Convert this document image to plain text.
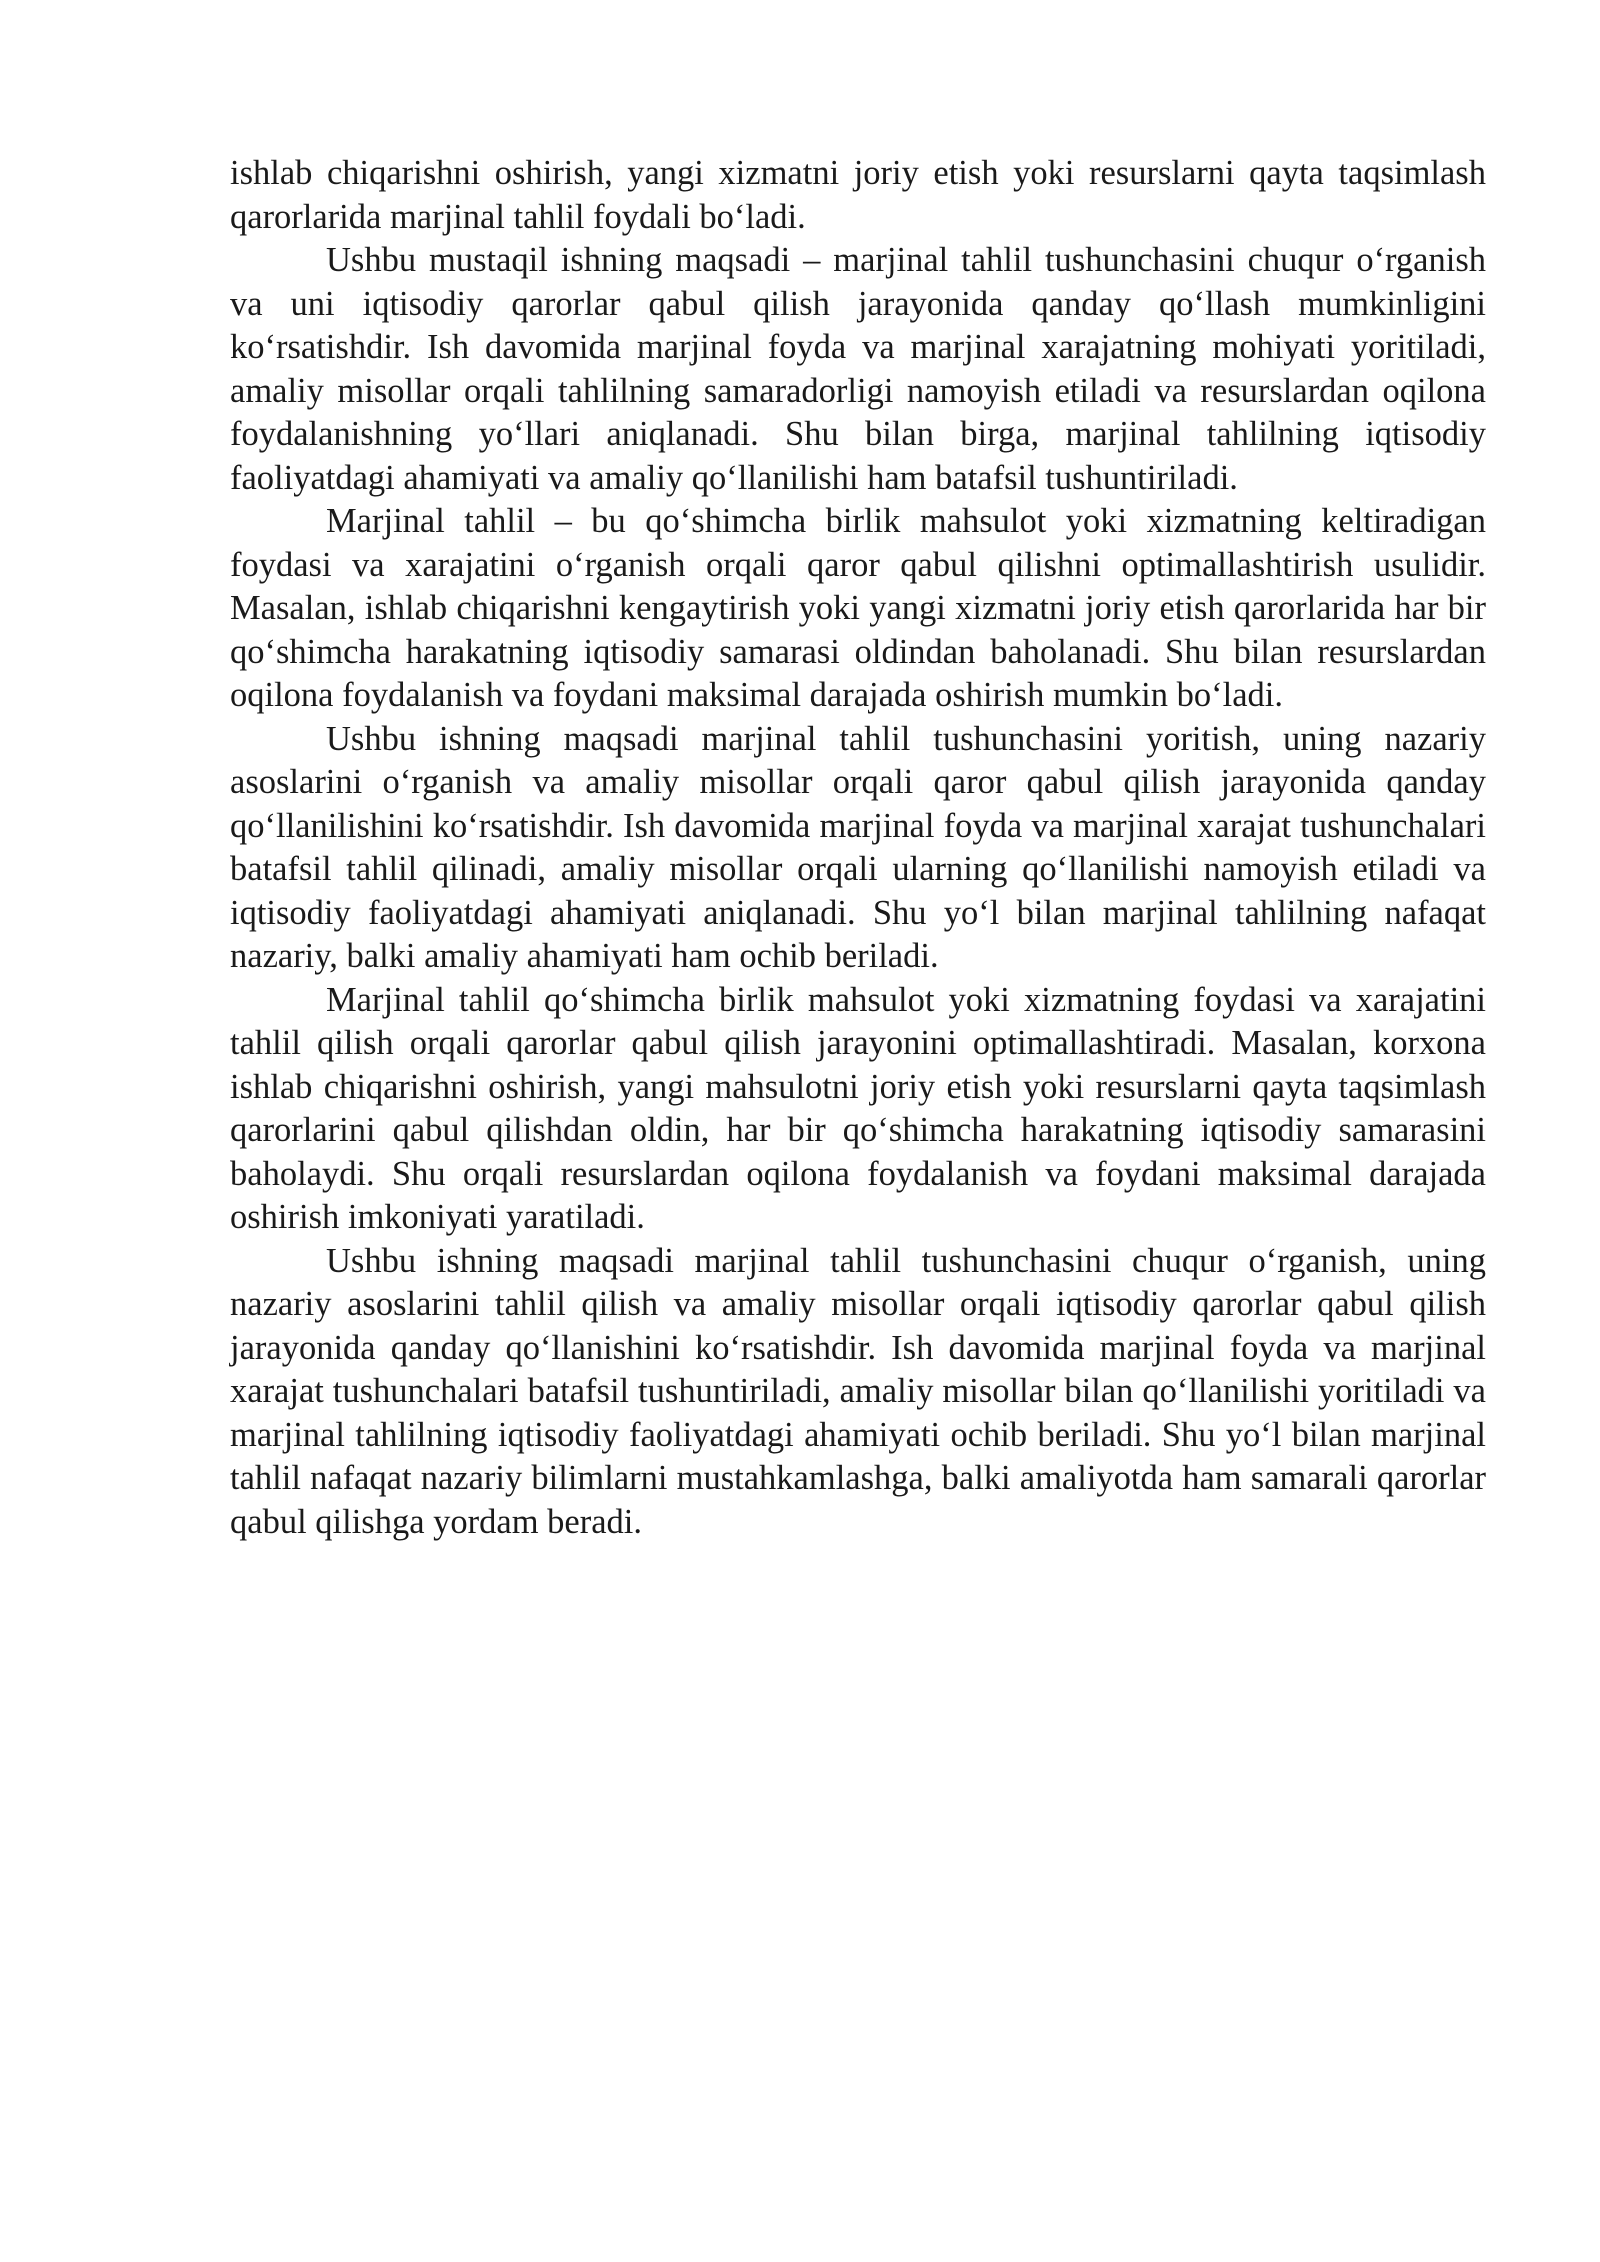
ishlab chiqarishni oshirish, yangi xizmatni joriy etish yoki resurslarni qayta taqsimlash qarorlarida marjinal tahlil foydali bo‘ladi.

Ushbu mustaqil ishning maqsadi – marjinal tahlil tushunchasini chuqur o‘rganish va uni iqtisodiy qarorlar qabul qilish jarayonida qanday qo‘llash mumkinligini ko‘rsatishdir. Ish davomida marjinal foyda va marjinal xarajatning mohiyati yoritiladi, amaliy misollar orqali tahlilning samaradorligi namoyish etiladi va resurslardan oqilona foydalanishning yo‘llari aniqlanadi. Shu bilan birga, marjinal tahlilning iqtisodiy faoliyatdagi ahamiyati va amaliy qo‘llanilishi ham batafsil tushuntiriladi.

Marjinal tahlil – bu qo‘shimcha birlik mahsulot yoki xizmatning keltiradigan foydasi va xarajatini o‘rganish orqali qaror qabul qilishni optimallashtirish usulidir. Masalan, ishlab chiqarishni kengaytirish yoki yangi xizmatni joriy etish qarorlarida har bir qo‘shimcha harakatning iqtisodiy samarasi oldindan baholanadi. Shu bilan resurslardan oqilona foydalanish va foydani maksimal darajada oshirish mumkin bo‘ladi.

Ushbu ishning maqsadi marjinal tahlil tushunchasini yoritish, uning nazariy asoslarini o‘rganish va amaliy misollar orqali qaror qabul qilish jarayonida qanday qo‘llanilishini ko‘rsatishdir. Ish davomida marjinal foyda va marjinal xarajat tushunchalari batafsil tahlil qilinadi, amaliy misollar orqali ularning qo‘llanilishi namoyish etiladi va iqtisodiy faoliyatdagi ahamiyati aniqlanadi. Shu yo‘l bilan marjinal tahlilning nafaqat nazariy, balki amaliy ahamiyati ham ochib beriladi.

Marjinal tahlil qo‘shimcha birlik mahsulot yoki xizmatning foydasi va xarajatini tahlil qilish orqali qarorlar qabul qilish jarayonini optimallashtiradi. Masalan, korxona ishlab chiqarishni oshirish, yangi mahsulotni joriy etish yoki resurslarni qayta taqsimlash qarorlarini qabul qilishdan oldin, har bir qo‘shimcha harakatning iqtisodiy samarasini baholaydi. Shu orqali resurslardan oqilona foydalanish va foydani maksimal darajada oshirish imkoniyati yaratiladi.

Ushbu ishning maqsadi marjinal tahlil tushunchasini chuqur o‘rganish, uning nazariy asoslarini tahlil qilish va amaliy misollar orqali iqtisodiy qarorlar qabul qilish jarayonida qanday qo‘llanishini ko‘rsatishdir. Ish davomida marjinal foyda va marjinal xarajat tushunchalari batafsil tushuntiriladi, amaliy misollar bilan qo‘llanilishi yoritiladi va marjinal tahlilning iqtisodiy faoliyatdagi ahamiyati ochib beriladi. Shu yo‘l bilan marjinal tahlil nafaqat nazariy bilimlarni mustahkamlashga, balki amaliyotda ham samarali qarorlar qabul qilishga yordam beradi.
